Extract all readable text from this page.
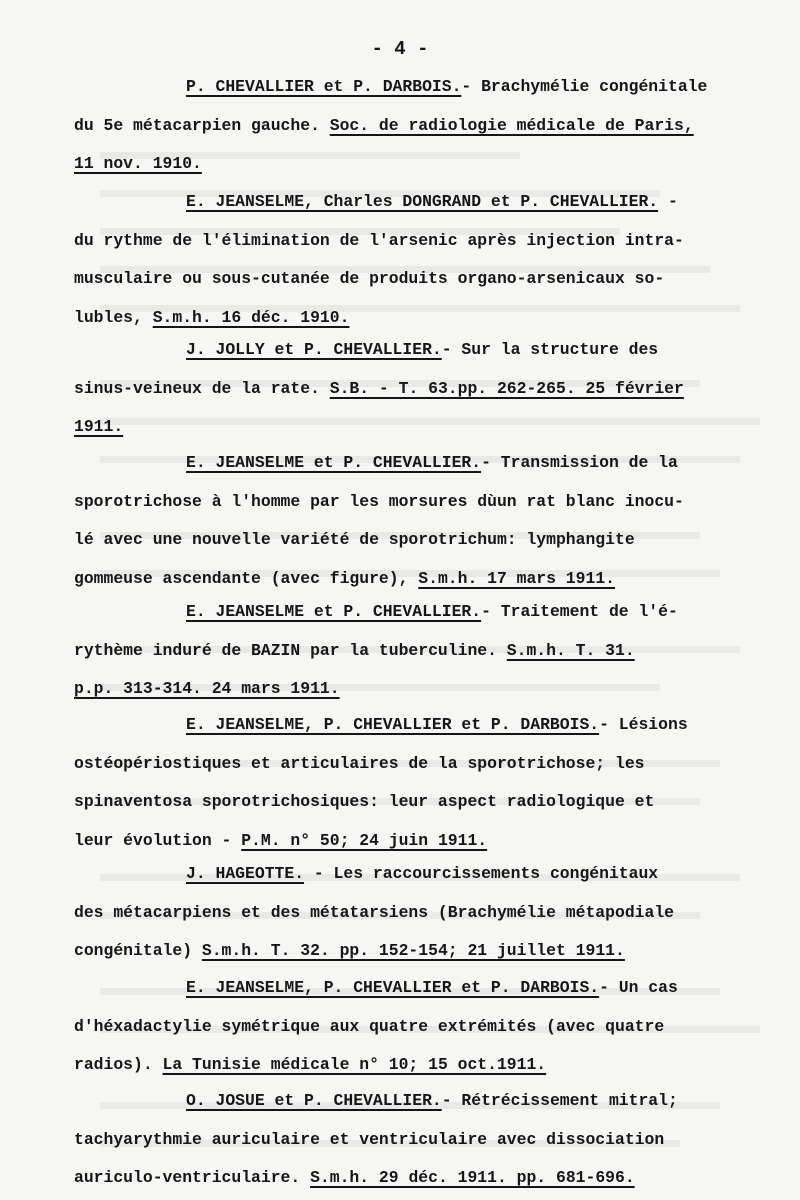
- 4 -
P. CHEVALLIER et P. DARBOIS.- Brachymélie congénitale
du 5e métacarpien gauche. Soc. de radiologie médicale de Paris,
11 nov. 1910.
E. JEANSELME, Charles DONGRAND et P. CHEVALLIER. -
du rythme de l'élimination de l'arsenic après injection intra-
musculaire ou sous-cutanée de produits organo-arsenicaux so-
lubles, S.m.h. 16 déc. 1910.
J. JOLLY et P. CHEVALLIER.- Sur la structure des
sinus-veineux de la rate. S.B. - T. 63.pp. 262-265. 25 février
1911.
E. JEANSELME et P. CHEVALLIER.- Transmission de la
sporotrichose à l'homme par les morsures dùun rat blanc inocu-
lé avec une nouvelle variété de sporotrichum: lymphangite
gommeuse ascendante (avec figure), S.m.h. 17 mars 1911.
E. JEANSELME et P. CHEVALLIER.- Traitement de l'é-
rythème induré de BAZIN par la tuberculine. S.m.h. T. 31.
p.p. 313-314. 24 mars 1911.
E. JEANSELME, P. CHEVALLIER et P. DARBOIS.- Lésions
ostéopériostiques et articulaires de la sporotrichose; les
spinaventosa sporotrichosiques: leur aspect radiologique et
leur évolution - P.M. n° 50; 24 juin 1911.
J. HAGEOTTE. - Les raccourcissements congénitaux
des métacarpiens et des métatarsiens (Brachymélie métapodiale
congénitale) S.m.h. T. 32. pp. 152-154; 21 juillet 1911.
E. JEANSELME, P. CHEVALLIER et P. DARBOIS.- Un cas
d'héxadactylie symétrique aux quatre extrémités (avec quatre
radios). La Tunisie médicale n° 10; 15 oct.1911.
O. JOSUE et P. CHEVALLIER.- Rétrécissement mitral;
tachyarythmie auriculaire et ventriculaire avec dissociation
auriculo-ventriculaire. S.m.h. 29 déc. 1911. pp. 681-696.
